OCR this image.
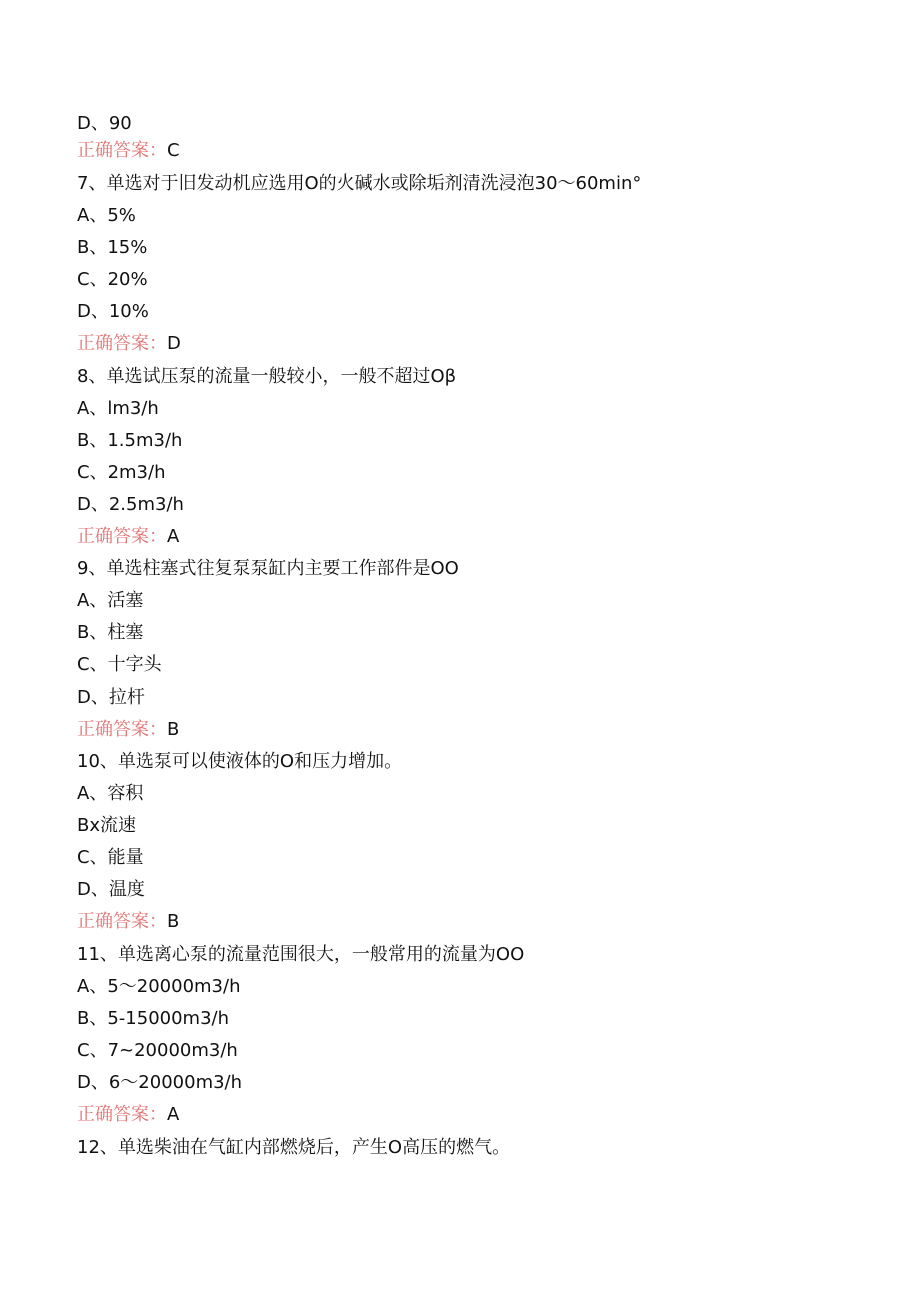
D、90

正确答案：C

7、单选对于旧发动机应选用O的火碱水或除垢剂清洗浸泡30〜60min°

A、5%

B、15%

C、20%

D、10%

正确答案：D

8、单选试压泵的流量一般较小，一般不超过Oβ

A、lm3∕h

B、1.5m3∕h

C、2m3∕h

D、2.5m3∕h

正确答案：A

9、单选柱塞式往复泵泵缸内主要工作部件是OO

A、活塞

B、柱塞

C、十字头

D、拉杆

正确答案：B

10、单选泵可以使液体的O和压力增加。

A、容积

Bx流速

C、能量

D、温度

正确答案：B

11、单选离心泵的流量范围很大，一般常用的流量为OO

A、5〜20000m3∕h

B、5-15000m3∕h

C、7~20000m3∕h

D、6〜20000m3∕h

正确答案：A

12、单选柴油在气缸内部燃烧后，产生O高压的燃气。
